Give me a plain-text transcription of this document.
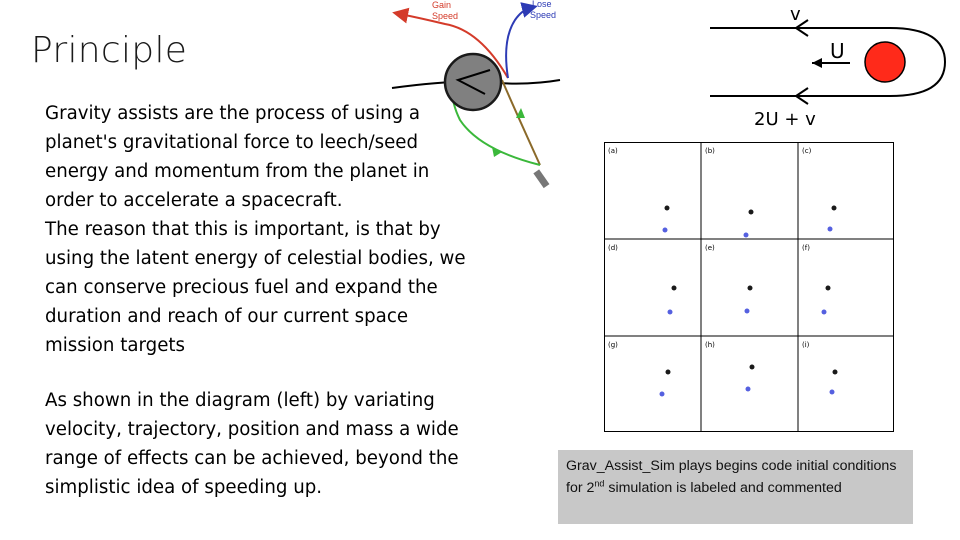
Principle
Gravity assists are the process of using a
planet's gravitational force to leech/seed
energy and momentum from the planet in
order to accelerate a spacecraft.
The reason that this is important, is that by
using the latent energy of celestial bodies, we
can conserve precious fuel and expand the
duration and reach of our current space
mission targets
As shown in the diagram (left) by variating
velocity, trajectory, position and mass a wide
range of effects can be achieved, beyond the
simplistic idea of speeding up.
Gain
Speed
Lose
Speed	v
U
2U + v
(a)	(b)	(c)
(d)	(e)	(f)
(g)	(h)	(i)
Grav_Assist_Sim plays begins code initial conditions for 2nd simulation is labeled and commented
